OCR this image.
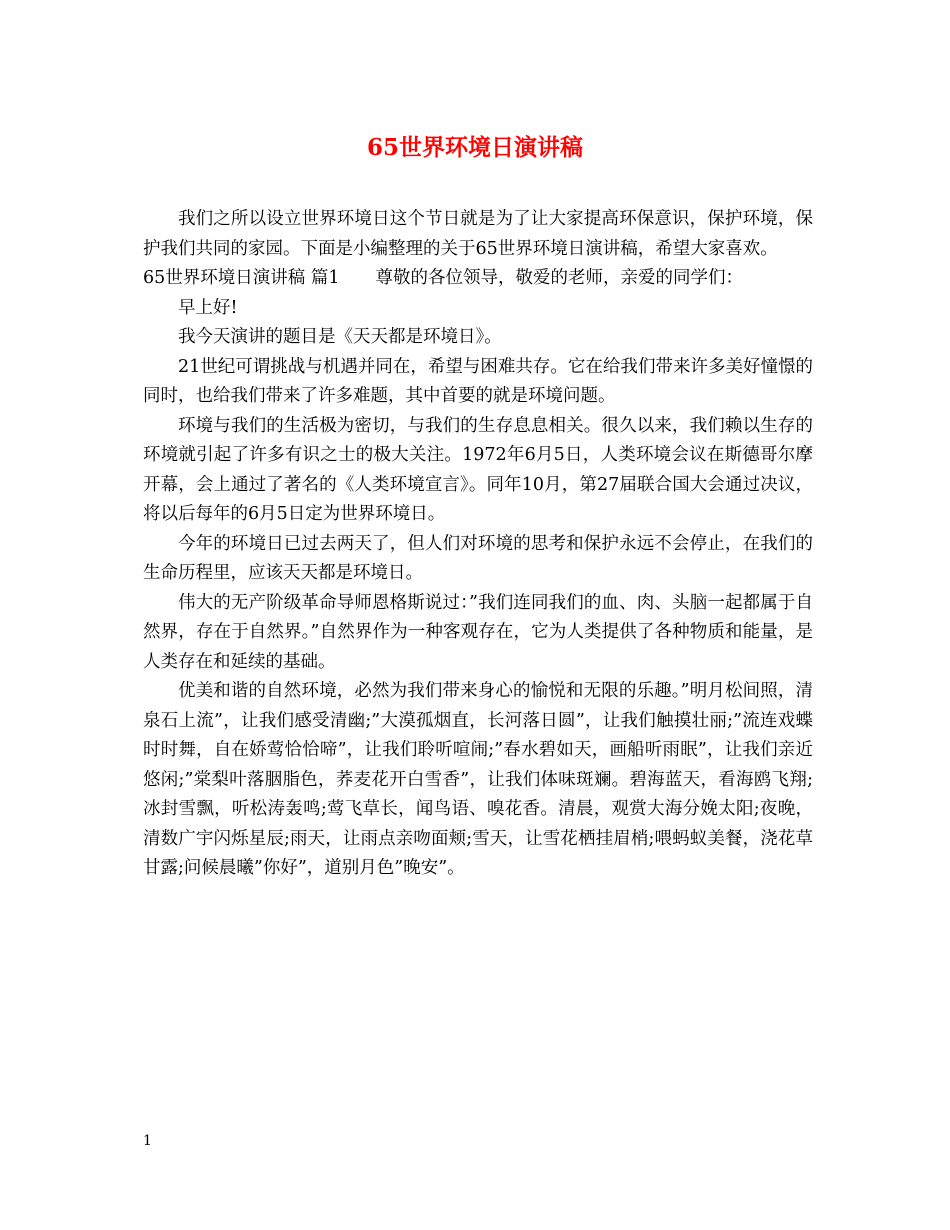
65世界环境日演讲稿

我们之所以设立世界环境日这个节日就是为了让大家提高环保意识，保护环境，保护我们共同的家园。下面是小编整理的关于65世界环境日演讲稿，希望大家喜欢。

65世界环境日演讲稿 篇1 尊敬的各位领导，敬爱的老师，亲爱的同学们：

早上好!

我今天演讲的题目是《天天都是环境日》。

21世纪可谓挑战与机遇并同在，希望与困难共存。它在给我们带来许多美好憧憬的同时，也给我们带来了许多难题，其中首要的就是环境问题。

环境与我们的生活极为密切，与我们的生存息息相关。很久以来，我们赖以生存的环境就引起了许多有识之士的极大关注。1972年6月5日，人类环境会议在斯德哥尔摩开幕，会上通过了著名的《人类环境宣言》。同年10月，第27届联合国大会通过决议，将以后每年的6月5日定为世界环境日。

今年的环境日已过去两天了，但人们对环境的思考和保护永远不会停止，在我们的生命历程里，应该天天都是环境日。

伟大的无产阶级革命导师恩格斯说过：”我们连同我们的血、肉、头脑一起都属于自然界，存在于自然界。”自然界作为一种客观存在，它为人类提供了各种物质和能量，是人类存在和延续的基础。

优美和谐的自然环境，必然为我们带来身心的愉悦和无限的乐趣。”明月松间照，清泉石上流”，让我们感受清幽;”大漠孤烟直，长河落日圆”，让我们触摸壮丽;”流连戏蝶时时舞，自在娇莺恰恰啼”，让我们聆听喧闹;”春水碧如天，画船听雨眠”，让我们亲近悠闲;”棠梨叶落胭脂色，荞麦花开白雪香”，让我们体味斑斓。碧海蓝天，看海鸥飞翔;冰封雪飘，听松涛轰鸣;莺飞草长，闻鸟语、嗅花香。清晨，观赏大海分娩太阳;夜晚，清数广宇闪烁星辰;雨天，让雨点亲吻面颊;雪天，让雪花栖挂眉梢;喂蚂蚁美餐，浇花草甘露;问候晨曦”你好”，道别月色”晚安”。

1
